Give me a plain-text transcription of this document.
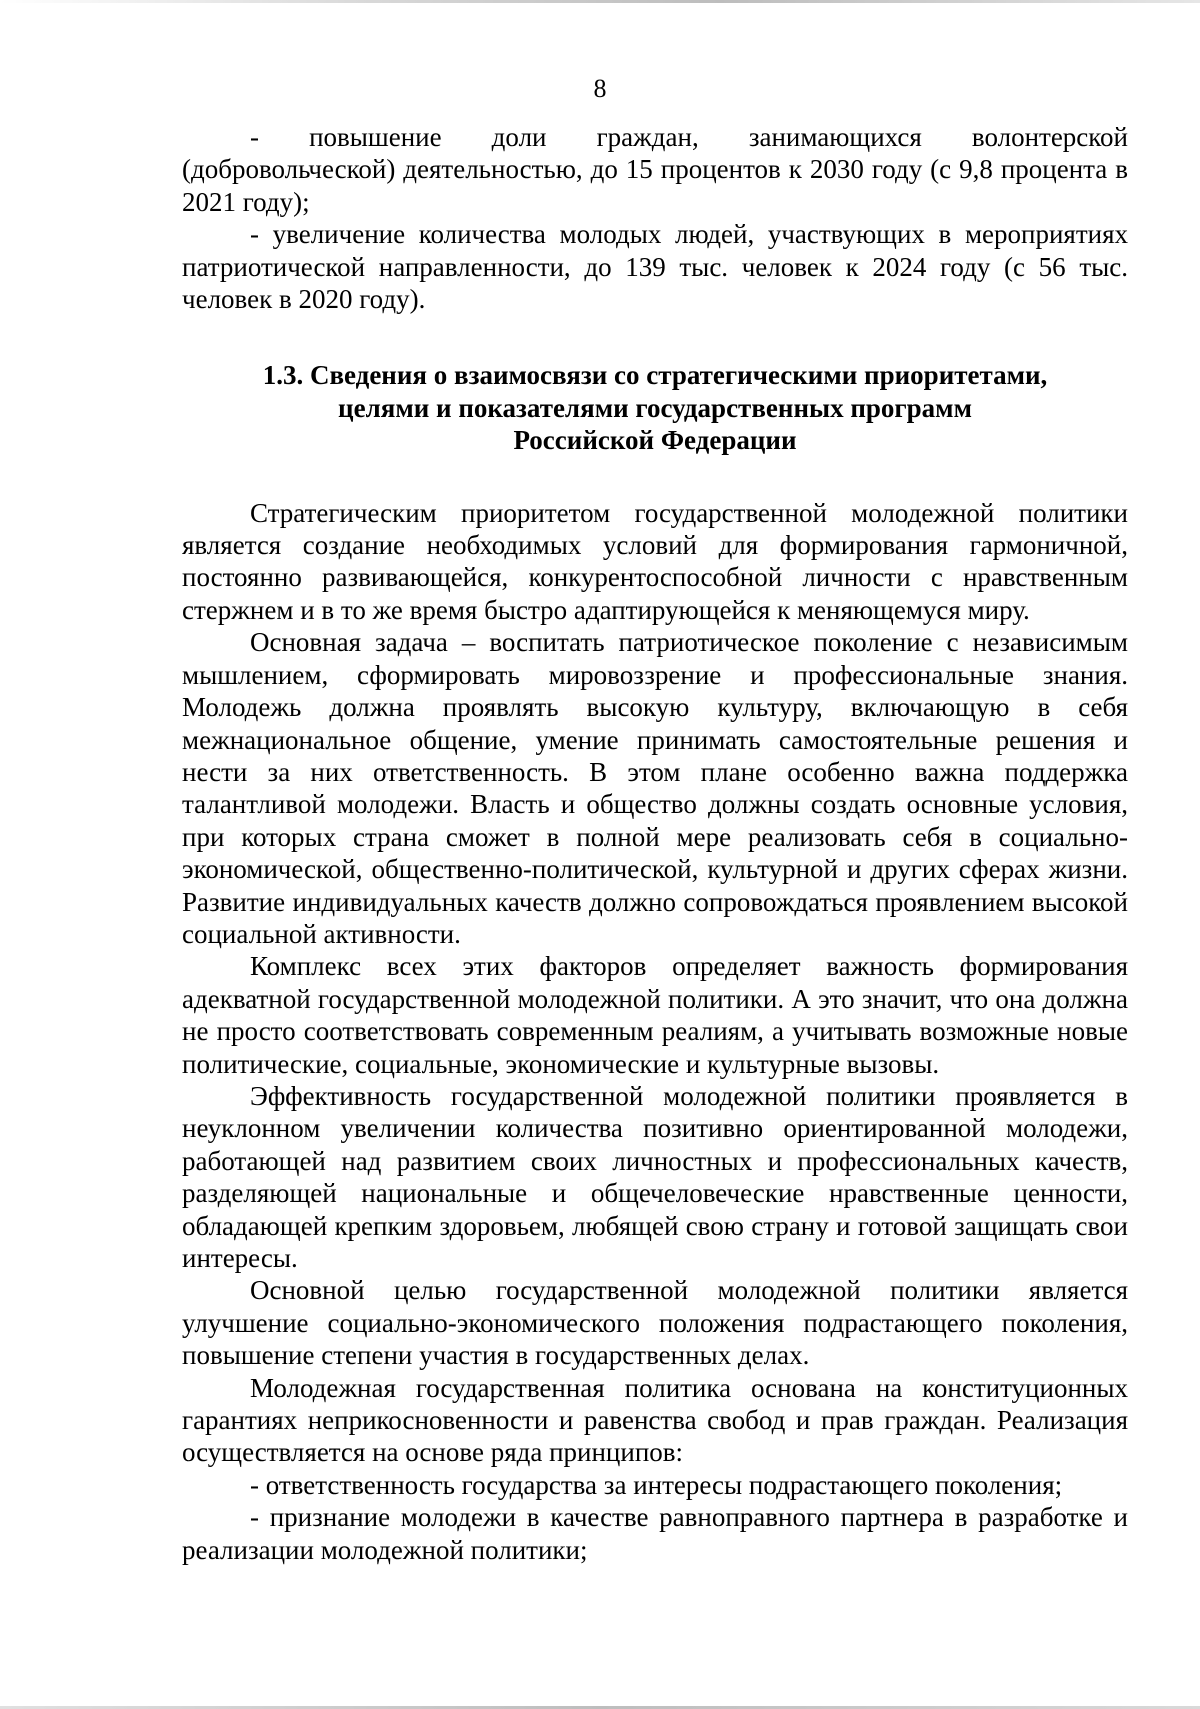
8

- повышение доли граждан, занимающихся волонтерской (добровольческой) деятельностью, до 15 процентов к 2030 году (с 9,8 процента в 2021 году);

- увеличение количества молодых людей, участвующих в мероприятиях патриотической направленности, до 139 тыс. человек к 2024 году (с 56 тыс. человек в 2020 году).

1.3. Сведения о взаимосвязи со стратегическими приоритетами,
целями и показателями государственных программ
Российской Федерации

Стратегическим приоритетом государственной молодежной политики является создание необходимых условий для формирования гармоничной, постоянно развивающейся, конкурентоспособной личности с нравственным стержнем и в то же время быстро адаптирующейся к меняющемуся миру.

Основная задача – воспитать патриотическое поколение с независимым мышлением, сформировать мировоззрение и профессиональные знания. Молодежь должна проявлять высокую культуру, включающую в себя межнациональное общение, умение принимать самостоятельные решения и нести за них ответственность. В этом плане особенно важна поддержка талантливой молодежи. Власть и общество должны создать основные условия, при которых страна сможет в полной мере реализовать себя в социально-экономической, общественно-политической, культурной и других сферах жизни. Развитие индивидуальных качеств должно сопровождаться проявлением высокой социальной активности.

Комплекс всех этих факторов определяет важность формирования адекватной государственной молодежной политики. А это значит, что она должна не просто соответствовать современным реалиям, а учитывать возможные новые политические, социальные, экономические и культурные вызовы.

Эффективность государственной молодежной политики проявляется в неуклонном увеличении количества позитивно ориентированной молодежи, работающей над развитием своих личностных и профессиональных качеств, разделяющей национальные и общечеловеческие нравственные ценности, обладающей крепким здоровьем, любящей свою страну и готовой защищать свои интересы.

Основной целью государственной молодежной политики является улучшение социально-экономического положения подрастающего поколения, повышение степени участия в государственных делах.

Молодежная государственная политика основана на конституционных гарантиях неприкосновенности и равенства свобод и прав граждан. Реализация осуществляется на основе ряда принципов:

- ответственность государства за интересы подрастающего поколения;

- признание молодежи в качестве равноправного партнера в разработке и реализации молодежной политики;
